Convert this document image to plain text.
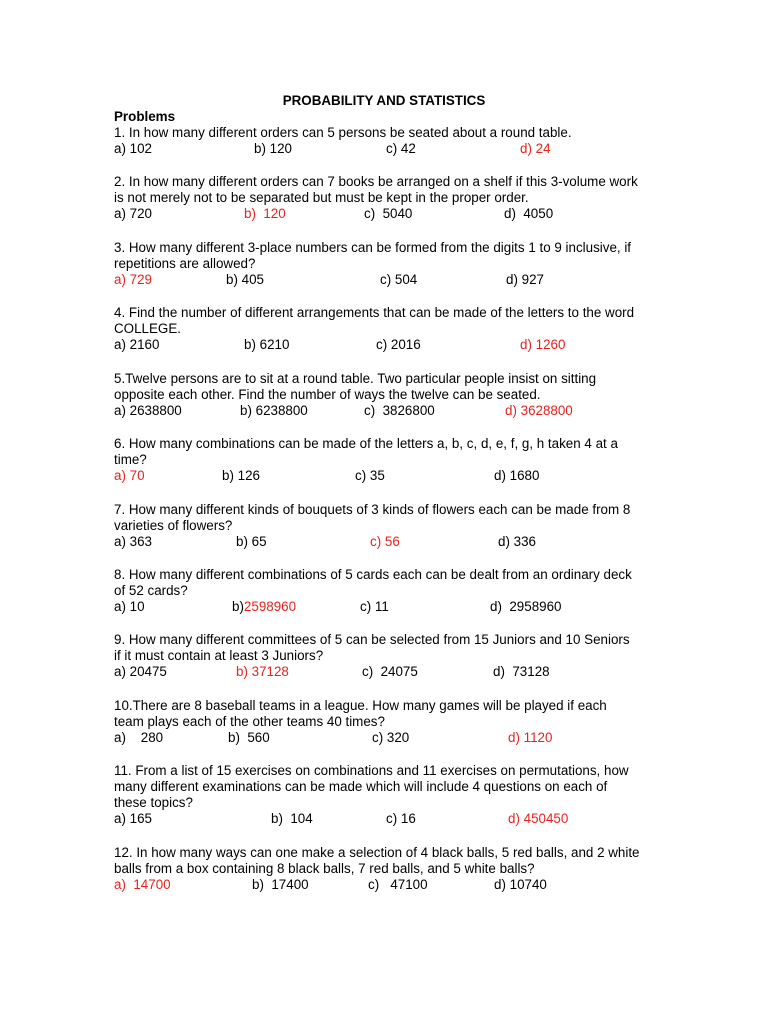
PROBABILITY AND STATISTICS
Problems

1. In how many different orders can 5 persons be seated about a round table.

a) 102	b) 120	c) 42	d) 24

2. In how many different orders can 7 books be arranged on a shelf if this 3-volume work

is not merely not to be separated but must be kept in the proper order.

a) 720	b)  120	c)  5040	d)  4050

3. How many different 3-place numbers can be formed from the digits 1 to 9 inclusive, if

repetitions are allowed?

a) 729	b) 405	c) 504	d) 927

4. Find the number of different arrangements that can be made of the letters to the word

COLLEGE.

a) 2160	b) 6210	c) 2016	d) 1260

5.Twelve persons are to sit at a round table. Two particular people insist on sitting

opposite each other. Find the number of ways the twelve can be seated.

a) 2638800	b) 6238800	c)  3826800	d) 3628800

6. How many combinations can be made of the letters a, b, c, d, e, f, g, h taken 4 at a

time?

a) 70	b) 126	c) 35	d) 1680

7. How many different kinds of bouquets of 3 kinds of flowers each can be made from 8

varieties of flowers?

a) 363	b) 65	c) 56	d) 336

8. How many different combinations of 5 cards each can be dealt from an ordinary deck

of 52 cards?

a) 10	b)2598960	c) 11	d)  2958960

9. How many different committees of 5 can be selected from 15 Juniors and 10 Seniors

if it must contain at least 3 Juniors?

a) 20475	b) 37128	c)  24075	d)  73128

10.There are 8 baseball teams in a league. How many games will be played if each

team plays each of the other teams 40 times?

a)    280	b)  560	c) 320	d) 1120

11. From a list of 15 exercises on combinations and 11 exercises on permutations, how

many different examinations can be made which will include 4 questions on each of

these topics?

a) 165	b)  104	c) 16	d) 450450

12. In how many ways can one make a selection of 4 black balls, 5 red balls, and 2 white

balls from a box containing 8 black balls, 7 red balls, and 5 white balls?

a)  14700	b)  17400	c)   47100	d) 10740
